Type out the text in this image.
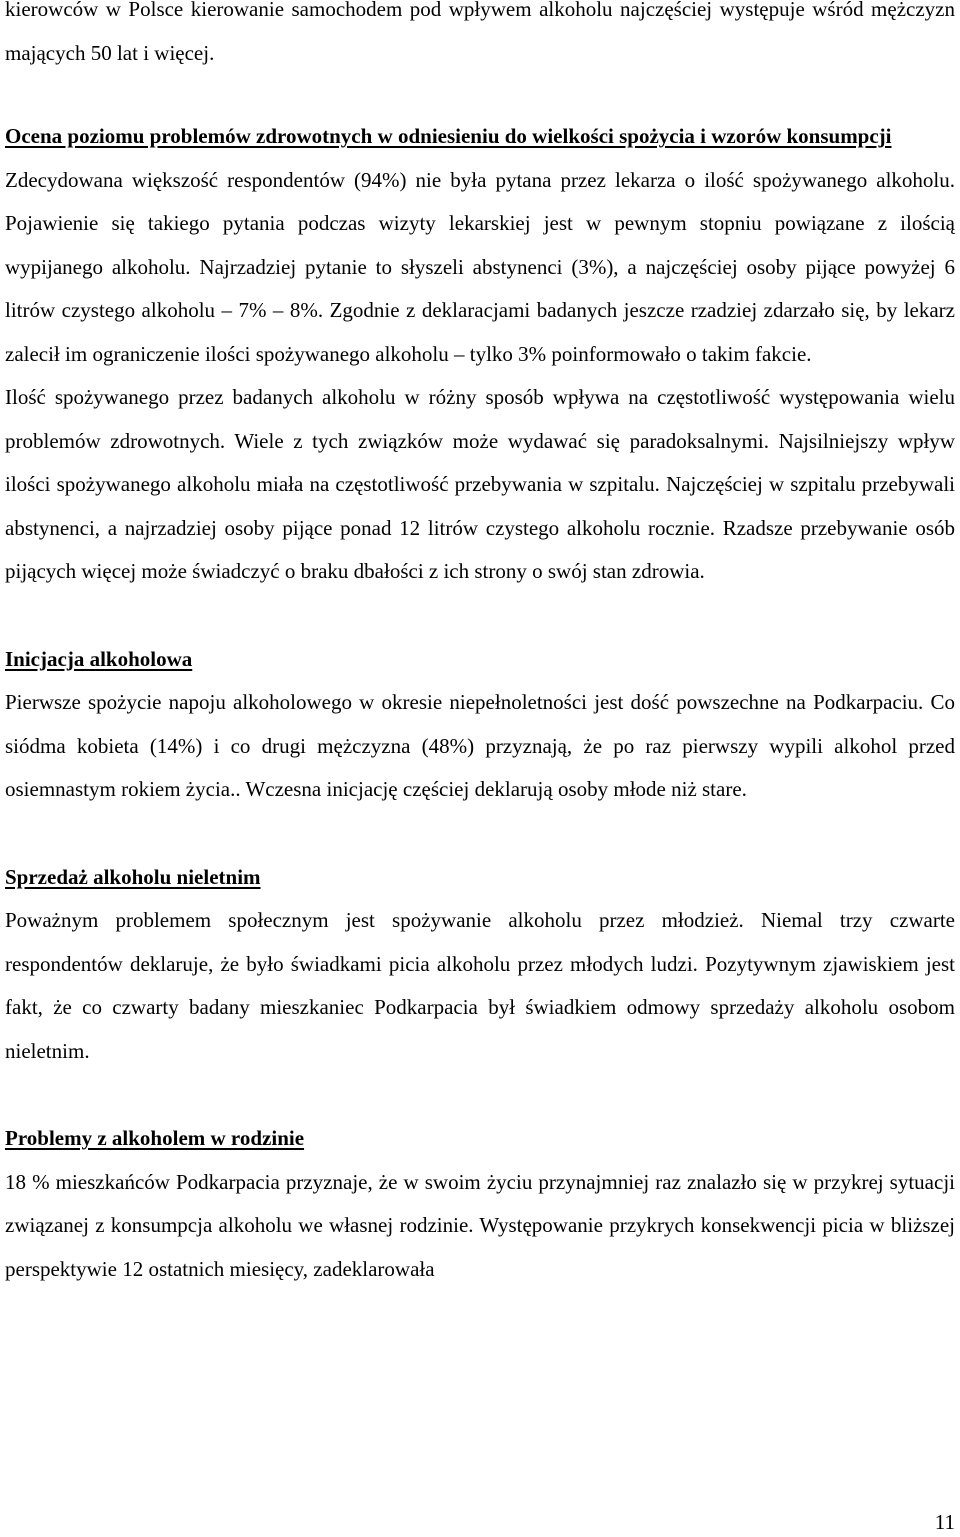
kierowców w Polsce kierowanie samochodem pod wpływem alkoholu najczęściej występuje wśród mężczyzn mających 50 lat i więcej.

Ocena poziomu problemów zdrowotnych w odniesieniu do wielkości spożycia i wzorów konsumpcji

Zdecydowana większość respondentów (94%) nie była pytana przez lekarza o ilość spożywanego alkoholu. Pojawienie się takiego pytania podczas wizyty lekarskiej jest w pewnym stopniu powiązane z ilością wypijanego alkoholu. Najrzadziej pytanie to słyszeli abstynenci (3%), a najczęściej osoby pijące powyżej 6 litrów czystego alkoholu – 7% – 8%. Zgodnie z deklaracjami badanych jeszcze rzadziej zdarzało się, by lekarz zalecił im ograniczenie ilości spożywanego alkoholu – tylko 3% poinformowało o takim fakcie.

Ilość spożywanego przez badanych alkoholu w różny sposób wpływa na częstotliwość występowania wielu problemów zdrowotnych. Wiele z tych związków może wydawać się paradoksalnymi. Najsilniejszy wpływ ilości spożywanego alkoholu miała na częstotliwość przebywania w szpitalu. Najczęściej w szpitalu przebywali abstynenci, a najrzadziej osoby pijące ponad 12 litrów czystego alkoholu rocznie. Rzadsze przebywanie osób pijących więcej może świadczyć o braku dbałości z ich strony o swój stan zdrowia.

Inicjacja alkoholowa

Pierwsze spożycie napoju alkoholowego w okresie niepełnoletności jest dość powszechne na Podkarpaciu. Co siódma kobieta (14%) i co drugi mężczyzna (48%) przyznają, że po raz pierwszy wypili alkohol przed osiemnastym rokiem życia.. Wczesna inicjację częściej deklarują osoby młode niż stare.

Sprzedaż alkoholu nieletnim

Poważnym problemem społecznym jest spożywanie alkoholu przez młodzież. Niemal trzy czwarte respondentów deklaruje, że było świadkami picia alkoholu przez młodych ludzi. Pozytywnym zjawiskiem jest fakt, że co czwarty badany mieszkaniec Podkarpacia był świadkiem odmowy sprzedaży alkoholu osobom nieletnim.

Problemy z alkoholem w rodzinie

18 % mieszkańców Podkarpacia przyznaje, że w swoim życiu przynajmniej raz znalazło się w przykrej sytuacji związanej z konsumpcja alkoholu we własnej rodzinie. Występowanie przykrych konsekwencji picia w bliższej perspektywie 12 ostatnich miesięcy, zadeklarowała

11
